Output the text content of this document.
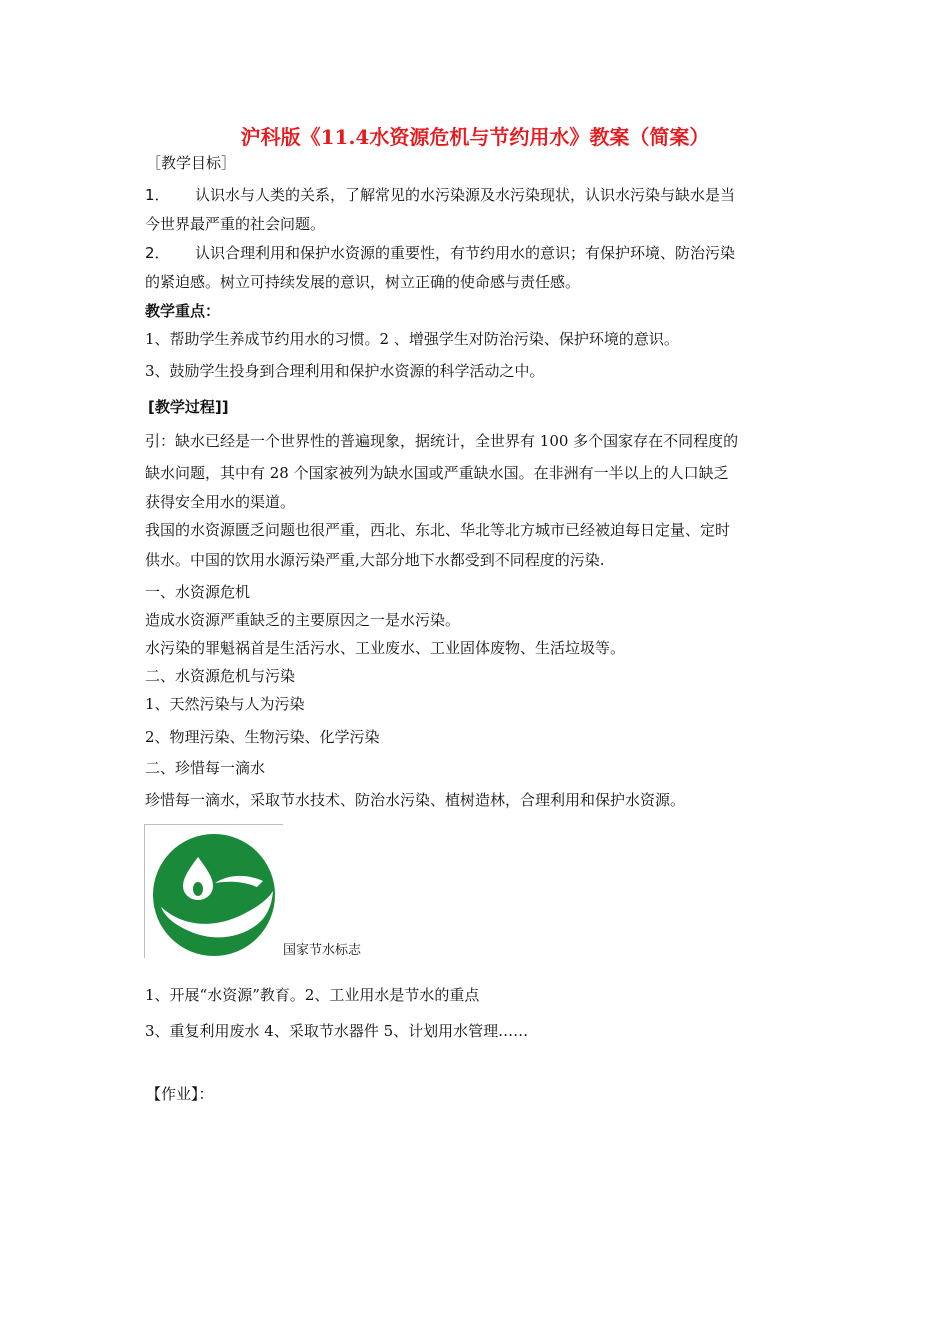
沪科版《11.4水资源危机与节约用水》教案（简案）
［教学目标］
1． 认识水与人类的关系，了解常见的水污染源及水污染现状，认识水污染与缺水是当
今世界最严重的社会问题。
2． 认识合理利用和保护水资源的重要性，有节约用水的意识；有保护环境、防治污染
的紧迫感。树立可持续发展的意识，树立正确的使命感与责任感。
教学重点：
1、帮助学生养成节约用水的习惯。2 、增强学生对防治污染、保护环境的意识。
3、鼓励学生投身到合理利用和保护水资源的科学活动之中。
[教学过程]]
引：缺水已经是一个世界性的普遍现象，据统计，全世界有 100 多个国家存在不同程度的
缺水问题，其中有 28 个国家被列为缺水国或严重缺水国。在非洲有一半以上的人口缺乏
获得安全用水的渠道。
我国的水资源匮乏问题也很严重，西北、东北、华北等北方城市已经被迫每日定量、定时
供水。中国的饮用水源污染严重,大部分地下水都受到不同程度的污染.
一、水资源危机
造成水资源严重缺乏的主要原因之一是水污染。
水污染的罪魁祸首是生活污水、工业废水、工业固体废物、生活垃圾等。
二、水资源危机与污染
1、天然污染与人为污染
2、物理污染、生物污染、化学污染
二、珍惜每一滴水
珍惜每一滴水，采取节水技术、防治水污染、植树造林，合理利用和保护水资源。
国家节水标志
1、开展“水资源”教育。2、工业用水是节水的重点
3、重复利用废水 4、采取节水器件 5、计划用水管理……
【作业】：
